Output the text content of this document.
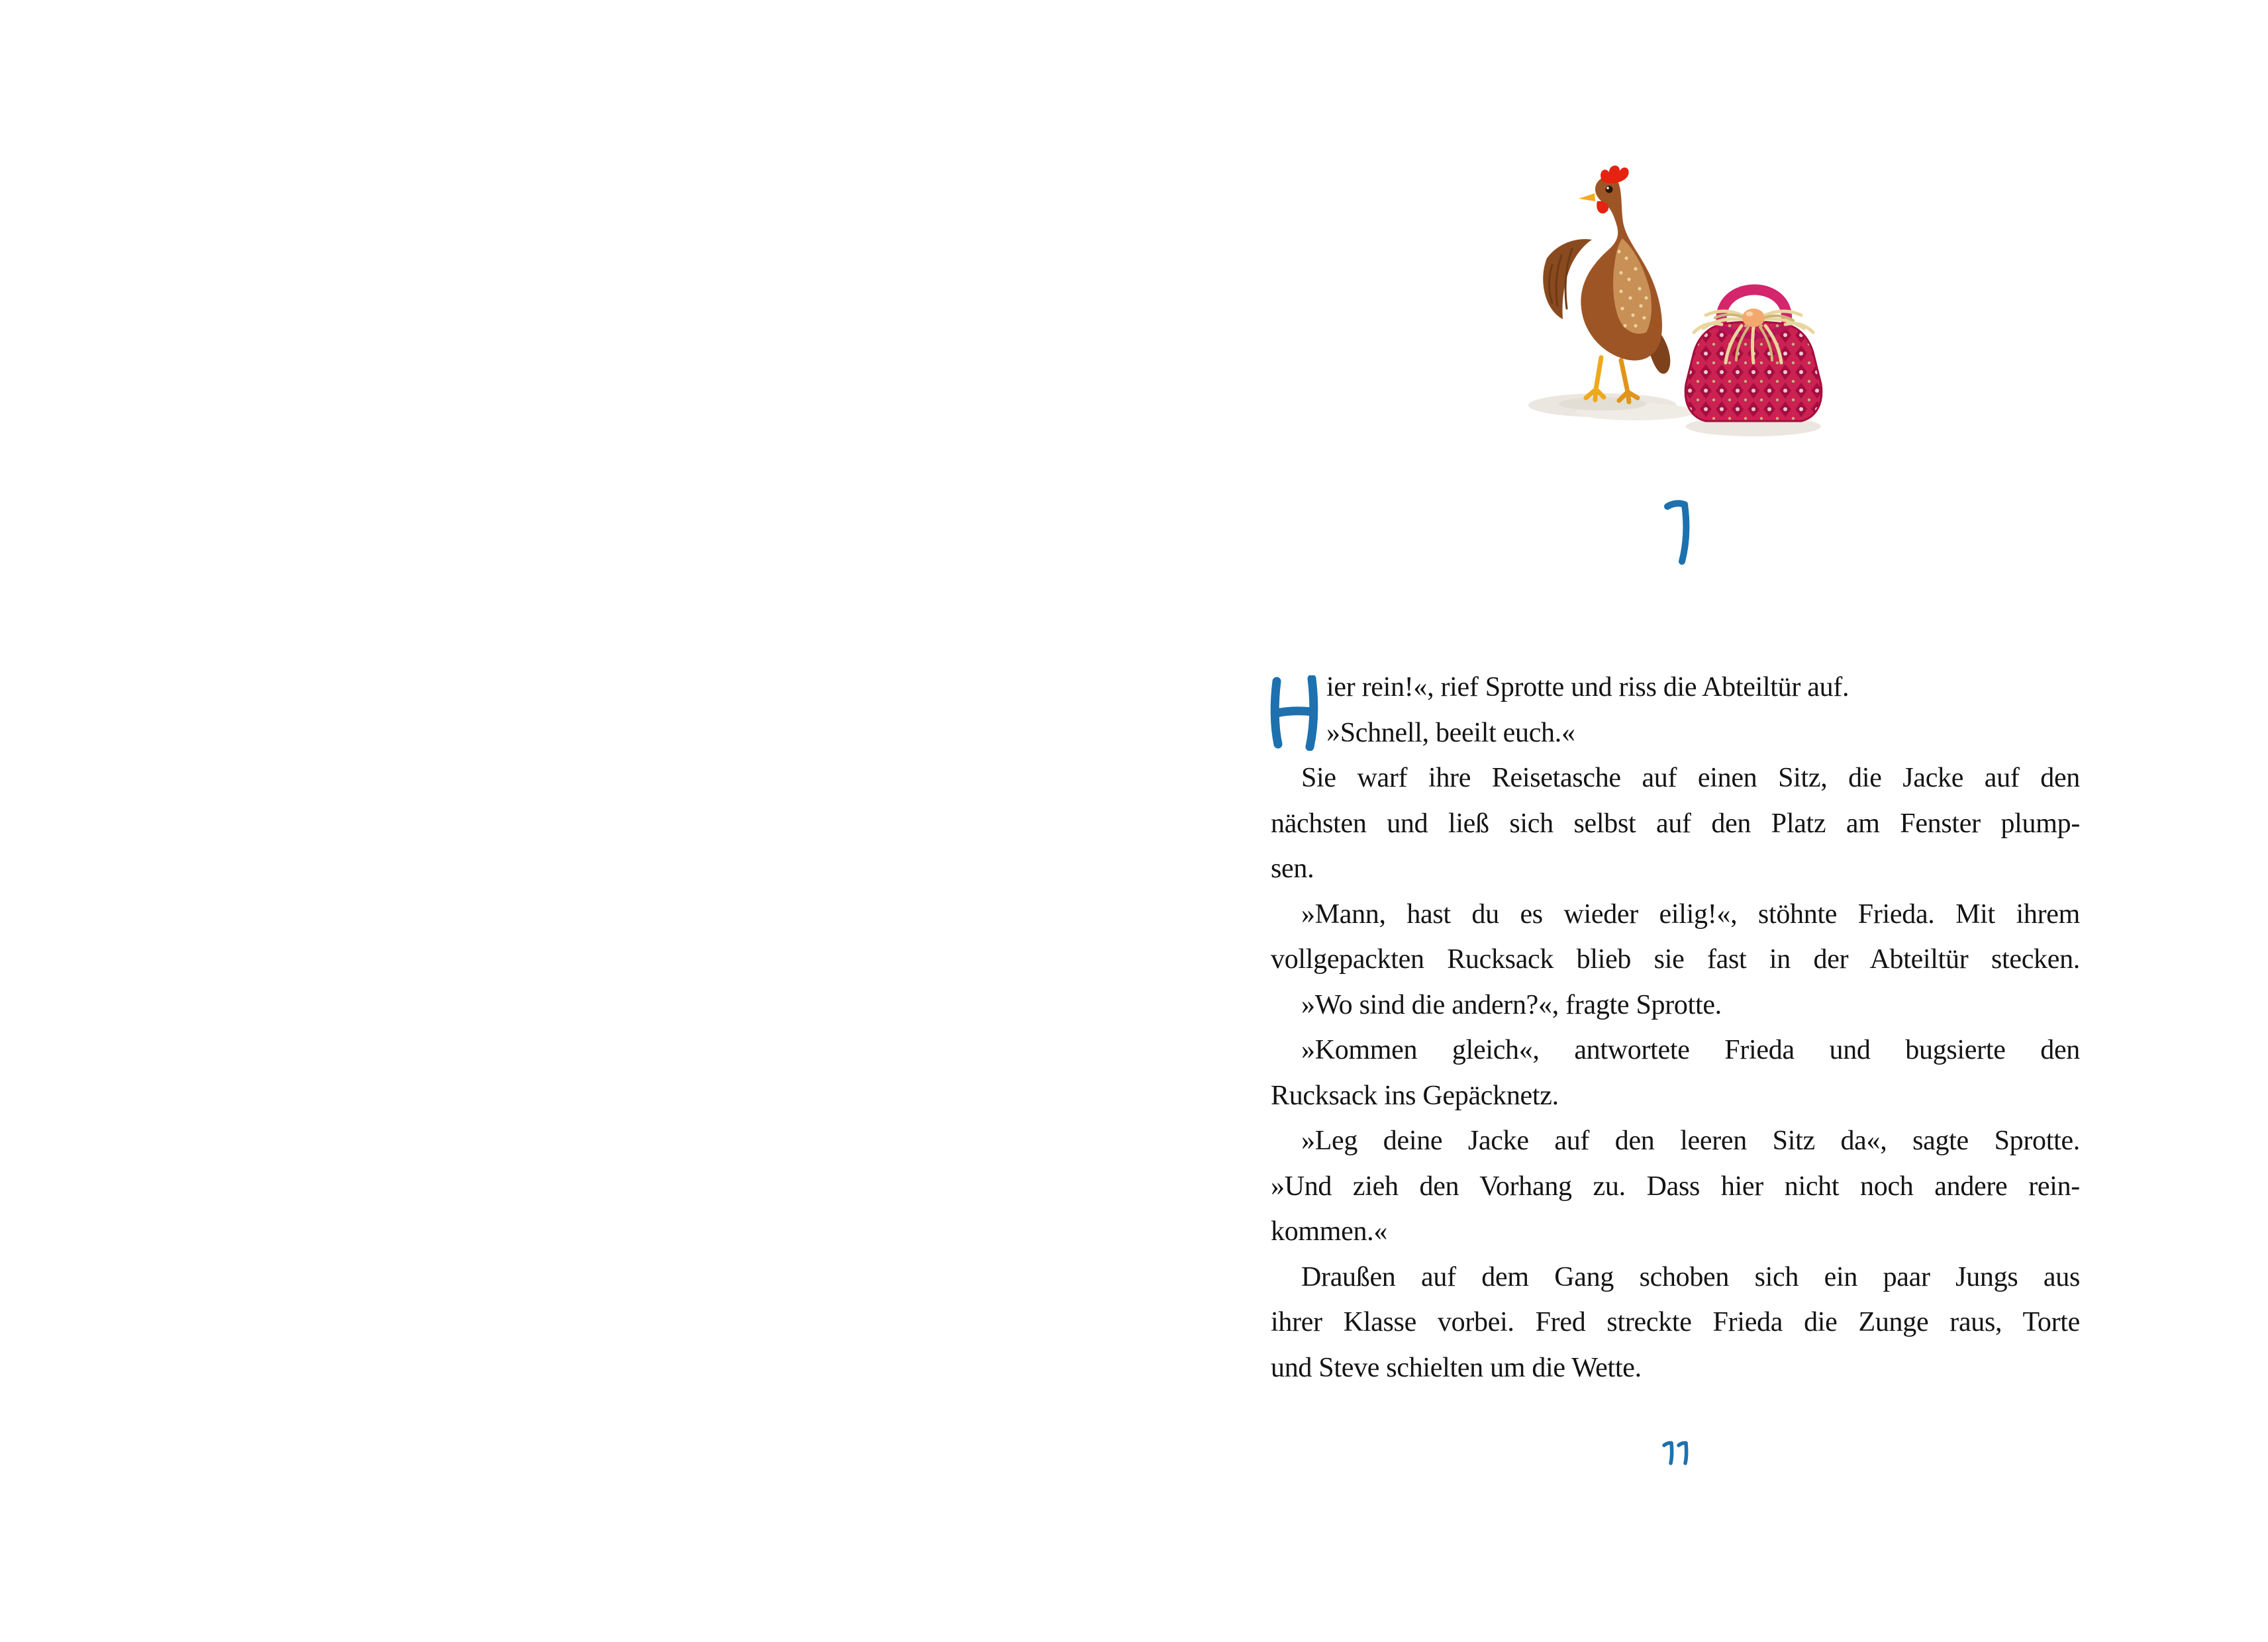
ier rein!«, rief Sprotte und riss die Abteiltür auf.
»Schnell, beeilt euch.«
Sie warf ihre Reisetasche auf einen Sitz, die Jacke auf den
nächsten und ließ sich selbst auf den Platz am Fenster plump-
sen.
»Mann, hast du es wieder eilig!«, stöhnte Frieda. Mit ihrem
vollgepackten Rucksack blieb sie fast in der Abteiltür stecken.
»Wo sind die andern?«, fragte Sprotte.
»Kommen gleich«, antwortete Frieda und bugsierte den
Rucksack ins Gepäcknetz.
»Leg deine Jacke auf den leeren Sitz da«, sagte Sprotte.
»Und zieh den Vorhang zu. Dass hier nicht noch andere rein-
kommen.«
Draußen auf dem Gang schoben sich ein paar Jungs aus
ihrer Klasse vorbei. Fred streckte Frieda die Zunge raus, Torte
und Steve schielten um die Wette.
